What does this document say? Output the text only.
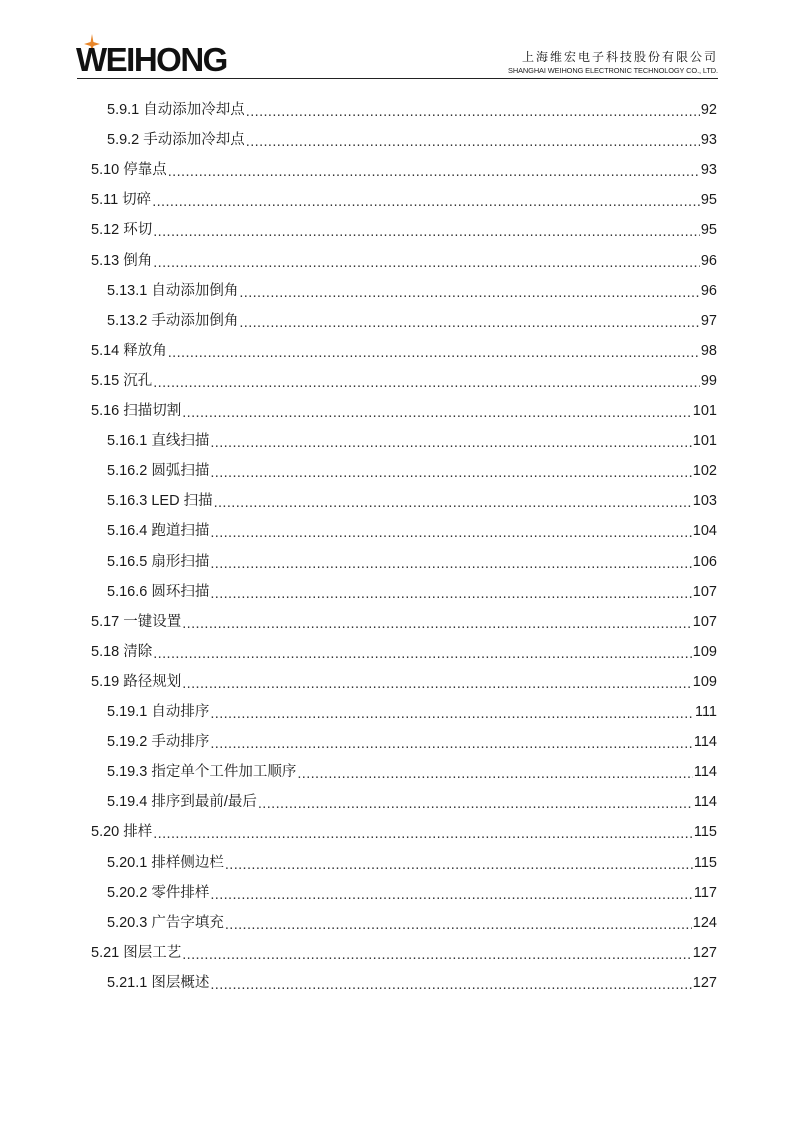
WEIHONG	上海维宏电子科技股份有限公司
SHANGHAI WEIHONG ELECTRONIC TECHNOLOGY CO., LTD.
5.9.1 自动添加冷却点 .....	92
5.9.2 手动添加冷却点 .....	93
5.10 停靠点 .....	93
5.11 切碎 .....	95
5.12 环切 .....	95
5.13 倒角 .....	96
5.13.1 自动添加倒角 .....	96
5.13.2 手动添加倒角 .....	97
5.14 释放角 .....	98
5.15 沉孔 .....	99
5.16 扫描切割 .....	101
5.16.1 直线扫描 .....	101
5.16.2 圆弧扫描 .....	102
5.16.3 LED 扫描 .....	103
5.16.4 跑道扫描 .....	104
5.16.5 扇形扫描 .....	106
5.16.6 圆环扫描 .....	107
5.17 一键设置 .....	107
5.18 清除 .....	109
5.19 路径规划 .....	109
5.19.1 自动排序 .....	111
5.19.2 手动排序 .....	114
5.19.3 指定单个工件加工顺序 .....	114
5.19.4 排序到最前/最后 .....	114
5.20 排样 .....	115
5.20.1 排样侧边栏 .....	115
5.20.2 零件排样 .....	117
5.20.3 广告字填充 .....	124
5.21 图层工艺 .....	127
5.21.1 图层概述 .....	127
